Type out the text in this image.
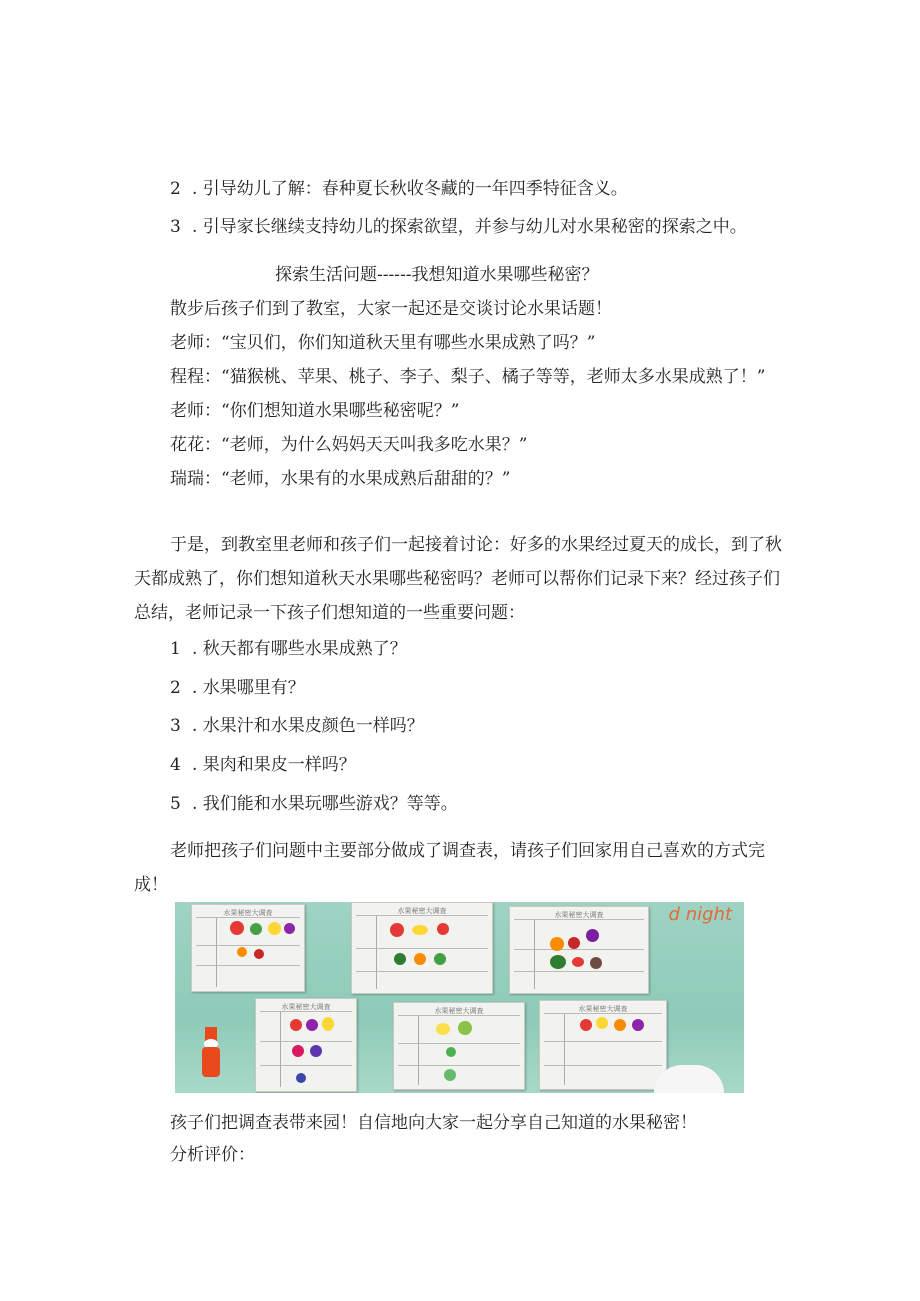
2 . 引导幼儿了解：春种夏长秋收冬藏的一年四季特征含义。
3 . 引导家长继续支持幼儿的探索欲望，并参与幼儿对水果秘密的探索之中。
探索生活问题------我想知道水果哪些秘密？
散步后孩子们到了教室，大家一起还是交谈讨论水果话题！
老师：“宝贝们，你们知道秋天里有哪些水果成熟了吗？”
程程：“猫猴桃、苹果、桃子、李子、梨子、橘子等等，老师太多水果成熟了！”
老师：“你们想知道水果哪些秘密呢？”
花花：“老师，为什么妈妈天天叫我多吃水果？”
瑞瑞：“老师，水果有的水果成熟后甜甜的？”
于是，到教室里老师和孩子们一起接着讨论：好多的水果经过夏天的成长，到了秋
天都成熟了，你们想知道秋天水果哪些秘密吗？老师可以帮你们记录下来？经过孩子们
总结，老师记录一下孩子们想知道的一些重要问题：
1 . 秋天都有哪些水果成熟了？
2 . 水果哪里有？
3 . 水果汁和水果皮颜色一样吗？
4 . 果肉和果皮一样吗？
5 . 我们能和水果玩哪些游戏？等等。
老师把孩子们问题中主要部分做成了调查表，请孩子们回家用自己喜欢的方式完
成！
d night
水果秘密大调查	水果秘密大调查	水果秘密大调查
水果秘密大调查	水果秘密大调查	水果秘密大调查
孩子们把调查表带来园！自信地向大家一起分享自己知道的水果秘密！
分析评价：
